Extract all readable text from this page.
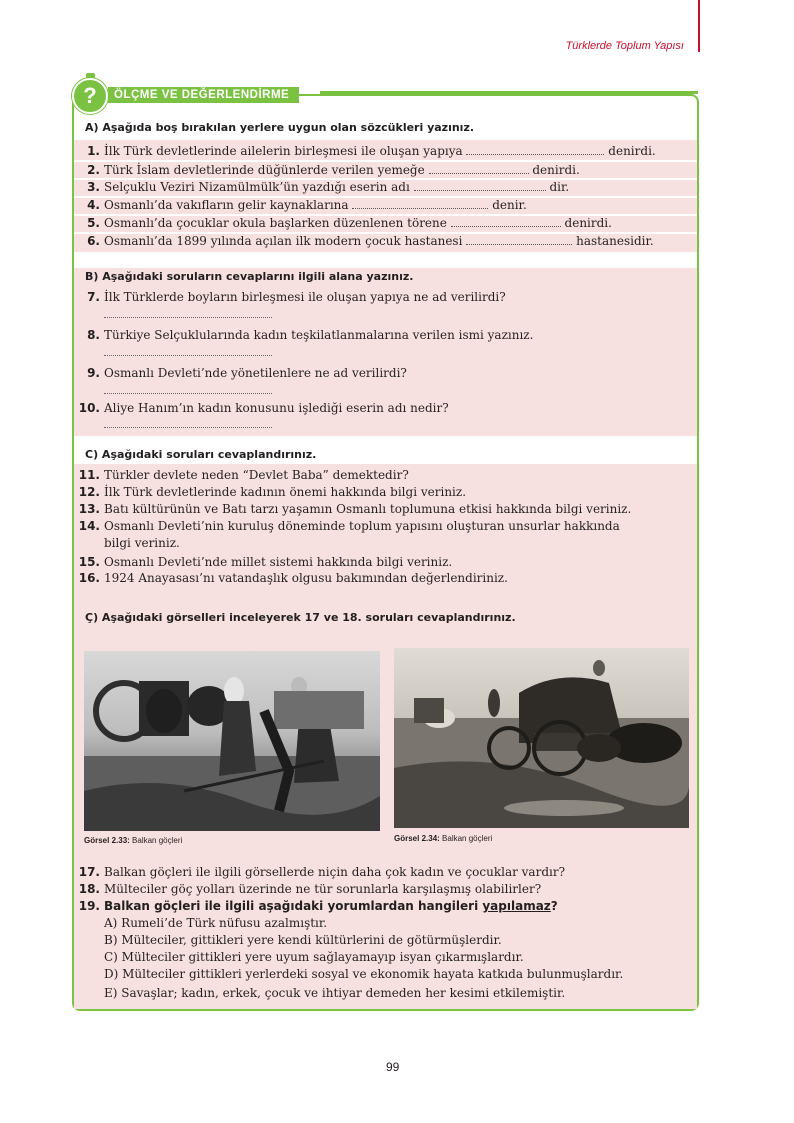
Türklerde Toplum Yapısı
?	ÖLÇME VE DEĞERLENDİRME
A) Aşağıda boş bırakılan yerlere uygun olan sözcükleri yazınız.
1. İlk Türk devletlerinde ailelerin birleşmesi ile oluşan yapıya	denirdi.
2. Türk İslam devletlerinde düğünlerde verilen yemeğe	denirdi.
3. Selçuklu Veziri Nizamülmülk’ün yazdığı eserin adı	dir.
4. Osmanlı’da vakıfların gelir kaynaklarına	denir.
5. Osmanlı’da çocuklar okula başlarken düzenlenen törene	denirdi.
6. Osmanlı’da 1899 yılında açılan ilk modern çocuk hastanesi	hastanesidir.
B) Aşağıdaki soruların cevaplarını ilgili alana yazınız.
7. İlk Türklerde boyların birleşmesi ile oluşan yapıya ne ad verilirdi?
8. Türkiye Selçuklularında kadın teşkilatlanmalarına verilen ismi yazınız.
9. Osmanlı Devleti’nde yönetilenlere ne ad verilirdi?
10. Aliye Hanım’ın kadın konusunu işlediği eserin adı nedir?
C) Aşağıdaki soruları cevaplandırınız.
11. Türkler devlete neden “Devlet Baba” demektedir?
12. İlk Türk devletlerinde kadının önemi hakkında bilgi veriniz.
13. Batı kültürünün ve Batı tarzı yaşamın Osmanlı toplumuna etkisi hakkında bilgi veriniz.
14. Osmanlı Devleti’nin kuruluş döneminde toplum yapısını oluşturan unsurlar hakkında
bilgi veriniz.
15. Osmanlı Devleti’nde millet sistemi hakkında bilgi veriniz.
16. 1924 Anayasası’nı vatandaşlık olgusu bakımından değerlendiriniz.
Ç) Aşağıdaki görselleri inceleyerek 17 ve 18. soruları cevaplandırınız.
Görsel 2.33: Balkan göçleri	Görsel 2.34: Balkan göçleri
17. Balkan göçleri ile ilgili görsellerde niçin daha çok kadın ve çocuklar vardır?
18. Mülteciler göç yolları üzerinde ne tür sorunlarla karşılaşmış olabilirler?
19. Balkan göçleri ile ilgili aşağıdaki yorumlardan hangileri yapılamaz?
A) Rumeli’de Türk nüfusu azalmıştır.
B) Mülteciler, gittikleri yere kendi kültürlerini de götürmüşlerdir.
C) Mülteciler gittikleri yere uyum sağlayamayıp isyan çıkarmışlardır.
D) Mülteciler gittikleri yerlerdeki sosyal ve ekonomik hayata katkıda bulunmuşlardır.
E) Savaşlar; kadın, erkek, çocuk ve ihtiyar demeden her kesimi etkilemiştir.
99
